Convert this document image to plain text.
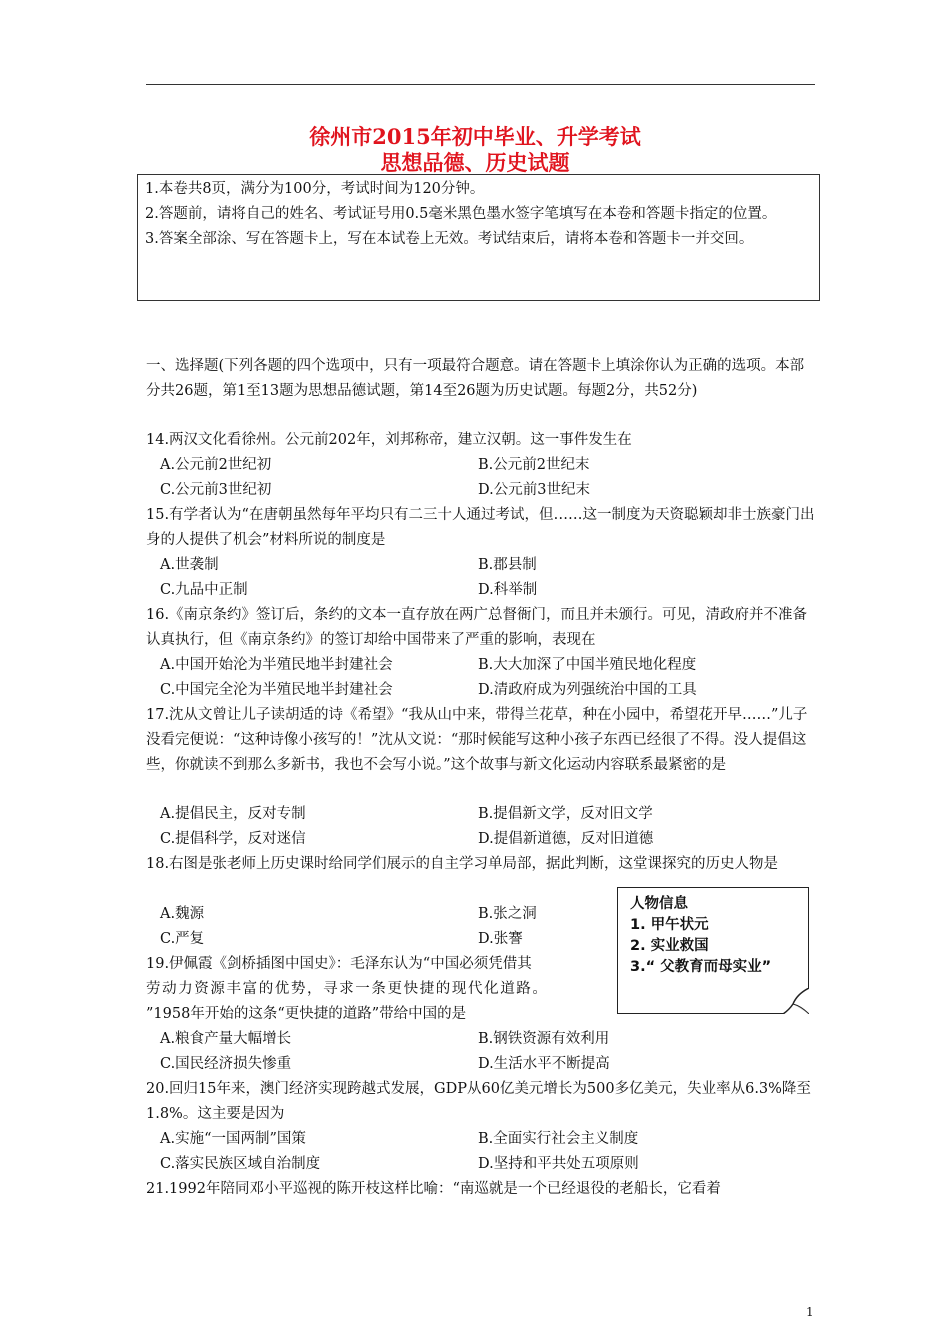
徐州市2015年初中毕业、升学考试
思想品德、历史试题

1.本卷共8页，满分为100分，考试时间为120分钟。

2.答题前，请将自己的姓名、考试证号用0.5毫米黑色墨水签字笔填写在本卷和答题卡指定的位置。

3.答案全部涂、写在答题卡上，写在本试卷上无效。考试结束后，请将本卷和答题卡一并交回。

一、选择题(下列各题的四个选项中，只有一项最符合题意。请在答题卡上填涂你认为正确的选项。本部分共26题，第1至13题为思想品德试题，第14至26题为历史试题。每题2分，共52分)

14.两汉文化看徐州。公元前202年，刘邦称帝，建立汉朝。这一事件发生在
A.公元前2世纪初	B.公元前2世纪末
C.公元前3世纪初	D.公元前3世纪末
15.有学者认为“在唐朝虽然每年平均只有二三十人通过考试，但……这一制度为天资聪颖却非士族豪门出身的人提供了机会”材料所说的制度是
A.世袭制	B.郡县制
C.九品中正制	D.科举制
16.《南京条约》签订后，条约的文本一直存放在两广总督衙门，而且并未颁行。可见，清政府并不准备认真执行，但《南京条约》的签订却给中国带来了严重的影响，表现在
A.中国开始沦为半殖民地半封建社会	B.大大加深了中国半殖民地化程度
C.中国完全沦为半殖民地半封建社会	D.清政府成为列强统治中国的工具
17.沈从文曾让儿子读胡适的诗《希望》“我从山中来，带得兰花草，种在小园中，希望花开早……”儿子没看完便说：“这种诗像小孩写的！”沈从文说：“那时候能写这种小孩子东西已经很了不得。没人提倡这些，你就读不到那么多新书，我也不会写小说。”这个故事与新文化运动内容联系最紧密的是
A.提倡民主，反对专制	B.提倡新文学，反对旧文学
C.提倡科学，反对迷信	D.提倡新道德，反对旧道德
18.右图是张老师上历史课时给同学们展示的自主学习单局部，据此判断，这堂课探究的历史人物是
A.魏源	B.张之洞
C.严复	D.张謇
人物信息
1. 甲午状元
2. 实业救国
3.“ 父教育而母实业”
19.伊佩霞《剑桥插图中国史》：毛泽东认为“中国必须凭借其
劳动力资源丰富的优势，寻求一条更快捷的现代化道路。
”1958年开始的这条“更快捷的道路”带给中国的是
A.粮食产量大幅增长	B.钢铁资源有效利用
C.国民经济损失惨重	D.生活水平不断提高
20.回归15年来，澳门经济实现跨越式发展，GDP从60亿美元增长为500多亿美元，失业率从6.3%降至1.8%。这主要是因为
A.实施“一国两制”国策	B.全面实行社会主义制度
C.落实民族区域自治制度	D.坚持和平共处五项原则
21.1992年陪同邓小平巡视的陈开枝这样比喻：“南巡就是一个已经退役的老船长，它看着
1
